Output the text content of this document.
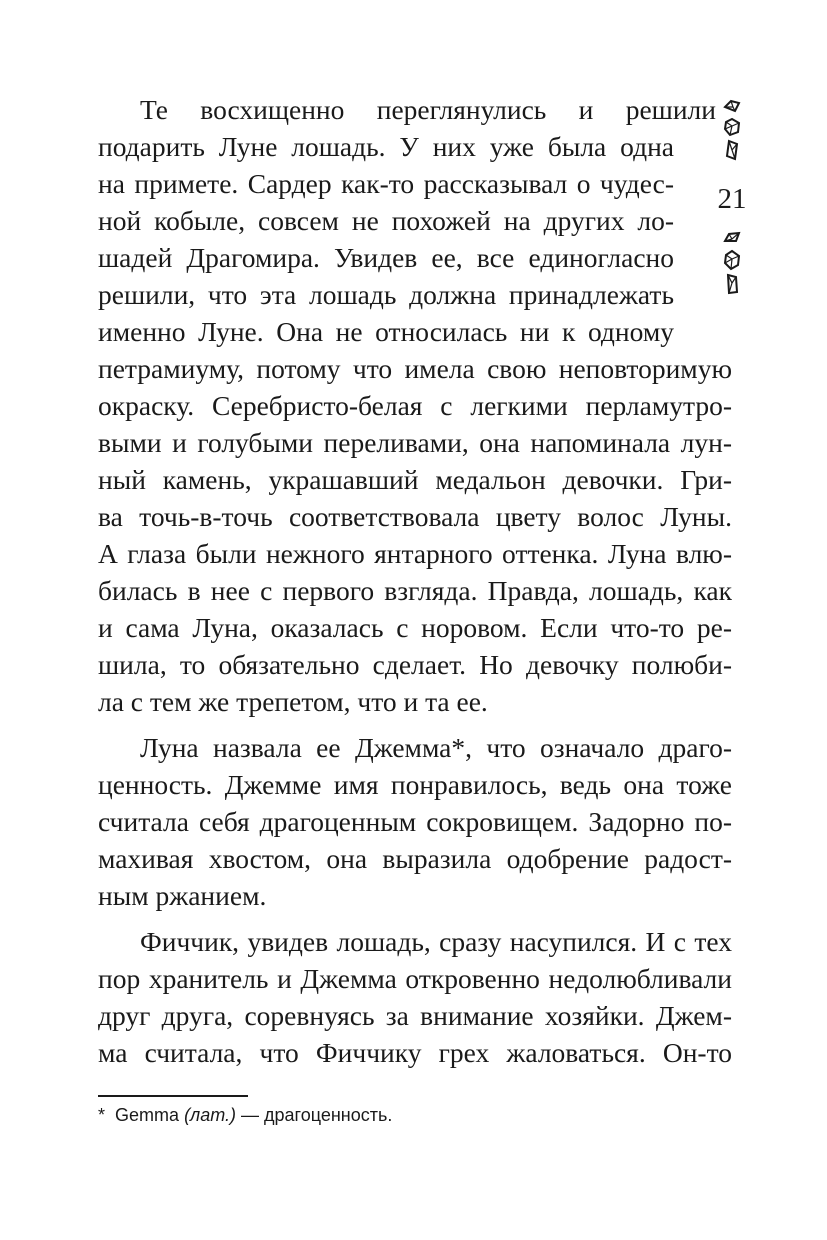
Те восхищенно переглянулись и решили
подарить Луне лошадь. У них уже была одна
на примете. Сардер как-то рассказывал о чудес-
ной кобыле, совсем не похожей на других ло-
шадей Драгомира. Увидев ее, все единогласно
решили, что эта лошадь должна принадлежать
именно Луне. Она не относилась ни к одному
петрамиуму, потому что имела свою неповторимую
окраску. Серебристо-белая с легкими перламутро-
выми и голубыми переливами, она напоминала лун-
ный камень, украшавший медальон девочки. Гри-
ва точь-в-точь соответствовала цвету волос Луны.
А глаза были нежного янтарного оттенка. Луна влю-
билась в нее с первого взгляда. Правда, лошадь, как
и сама Луна, оказалась с норовом. Если что-то ре-
шила, то обязательно сделает. Но девочку полюби-
ла с тем же трепетом, что и та ее.
Луна назвала ее Джемма*, что означало драго-
ценность. Джемме имя понравилось, ведь она тоже
считала себя драгоценным сокровищем. Задорно по-
махивая хвостом, она выразила одобрение радост-
ным ржанием.
Фиччик, увидев лошадь, сразу насупился. И с тех
пор хранитель и Джемма откровенно недолюбливали
друг друга, соревнуясь за внимание хозяйки. Джем-
ма считала, что Фиччику грех жаловаться. Он-то
21
* Gemma (лат.) — драгоценность.
